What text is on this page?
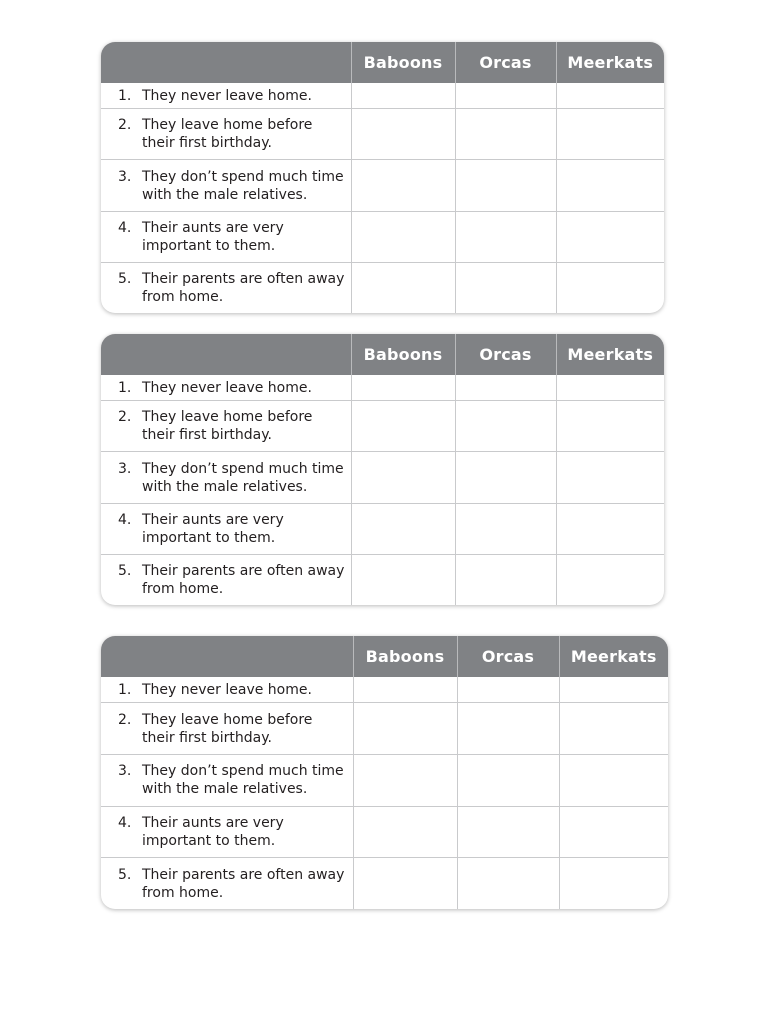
	Baboons	Orcas	Meerkats

1. They never leave home.			

2. They leave home before their first birthday.			

3. They don’t spend much time with the male relatives.			

4. Their aunts are very important to them.			

5. Their parents are often away from home.			

	Baboons	Orcas	Meerkats

1. They never leave home.			

2. They leave home before their first birthday.			

3. They don’t spend much time with the male relatives.			

4. Their aunts are very important to them.			

5. Their parents are often away from home.			

	Baboons	Orcas	Meerkats

1. They never leave home.			

2. They leave home before their first birthday.			

3. They don’t spend much time with the male relatives.			

4. Their aunts are very important to them.			

5. Their parents are often away from home.			
